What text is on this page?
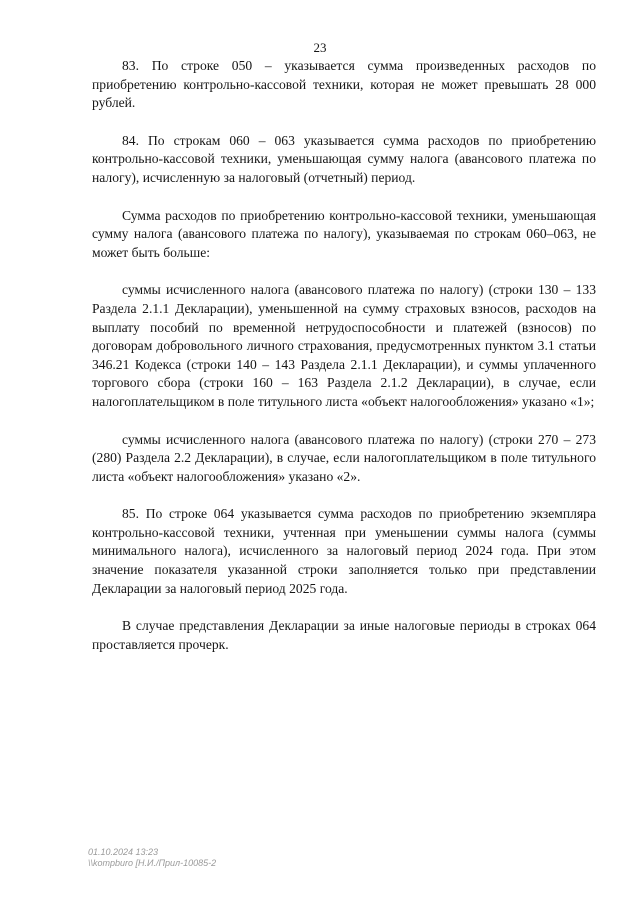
23

83. По строке 050 – указывается сумма произведенных расходов по приобретению контрольно-кассовой техники, которая не может превышать 28 000 рублей.

84. По строкам 060 – 063 указывается сумма расходов по приобретению контрольно-кассовой техники, уменьшающая сумму налога (авансового платежа по налогу), исчисленную за налоговый (отчетный) период.

Сумма расходов по приобретению контрольно-кассовой техники, уменьшающая сумму налога (авансового платежа по налогу), указываемая по строкам 060–063, не может быть больше:

суммы исчисленного налога (авансового платежа по налогу) (строки 130 – 133 Раздела 2.1.1 Декларации), уменьшенной на сумму страховых взносов, расходов на выплату пособий по временной нетрудоспособности и платежей (взносов) по договорам добровольного личного страхования, предусмотренных пунктом 3.1 статьи 346.21 Кодекса (строки 140 – 143 Раздела 2.1.1 Декларации), и суммы уплаченного торгового сбора (строки 160 – 163 Раздела 2.1.2 Декларации), в случае, если налогоплательщиком в поле титульного листа «объект налогообложения» указано «1»;

суммы исчисленного налога (авансового платежа по налогу) (строки 270 – 273 (280) Раздела 2.2 Декларации), в случае, если налогоплательщиком в поле титульного листа «объект налогообложения» указано «2».

85. По строке 064 указывается сумма расходов по приобретению экземпляра контрольно-кассовой техники, учтенная при уменьшении суммы налога (суммы минимального налога), исчисленного за налоговый период 2024 года. При этом значение показателя указанной строки заполняется только при представлении Декларации за налоговый период 2025 года.

В случае представления Декларации за иные налоговые периоды в строках 064 проставляется прочерк.

01.10.2024 13:23
\\kompburo [Н.И./Прил-10085-2
